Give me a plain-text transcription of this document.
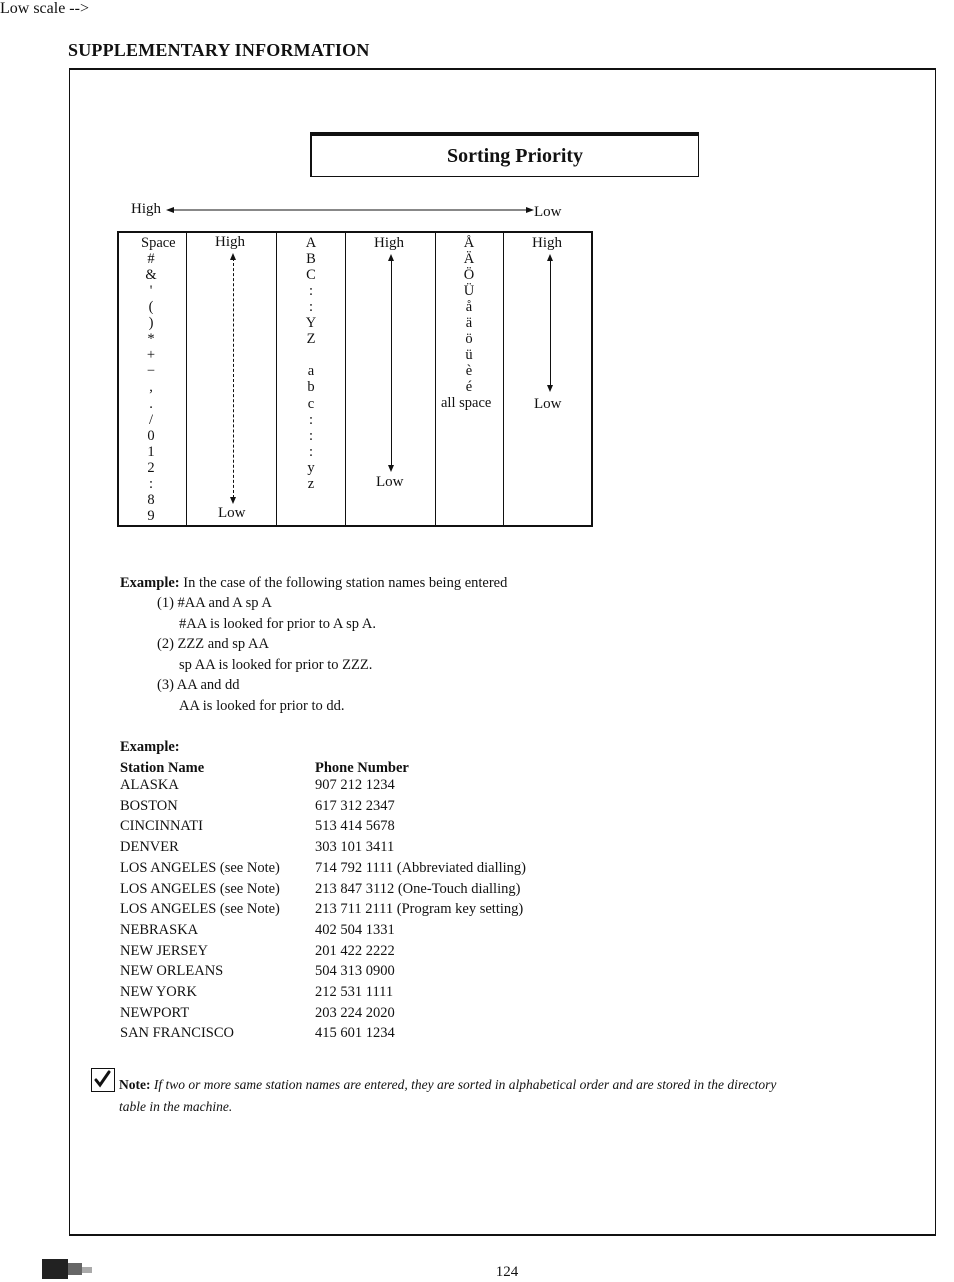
SUPPLEMENTARY INFORMATION
Sorting Priority
Low scale -->
High	Low
Space
#
&
'
(
)
*
+
−
,
.
/
0
1
2
:
8
9
A
B
C
:
:
Y
Z
a
b
c
:
:
:
y
z
Å
Ä
Ö
Ü
å
ä
ö
ü
è
é
High
Low
High
Low
all space
High
Low
Example: In the case of the following station names being entered
(1) #AA and A sp A
#AA is looked for prior to A sp A.
(2) ZZZ and sp AA
sp AA is looked for prior to ZZZ.
(3) AA and dd
AA is looked for prior to dd.
Example:
Station Name	Phone Number
ALASKA	907 212 1234
BOSTON	617 312 2347
CINCINNATI	513 414 5678
DENVER	303 101 3411
LOS ANGELES (see Note) 714 792 1111 (Abbreviated dialling)
LOS ANGELES (see Note) 213 847 3112 (One-Touch dialling)
LOS ANGELES (see Note) 213 711 2111 (Program key setting)
NEBRASKA	402 504 1331
NEW JERSEY	201 422 2222
NEW ORLEANS	504 313 0900
NEW YORK	212 531 1111
NEWPORT	203 224 2020
SAN FRANCISCO	415 601 1234
Note: If two or more same station names are entered, they are sorted in alphabetical order and are stored in the directory table in the machine.
124
